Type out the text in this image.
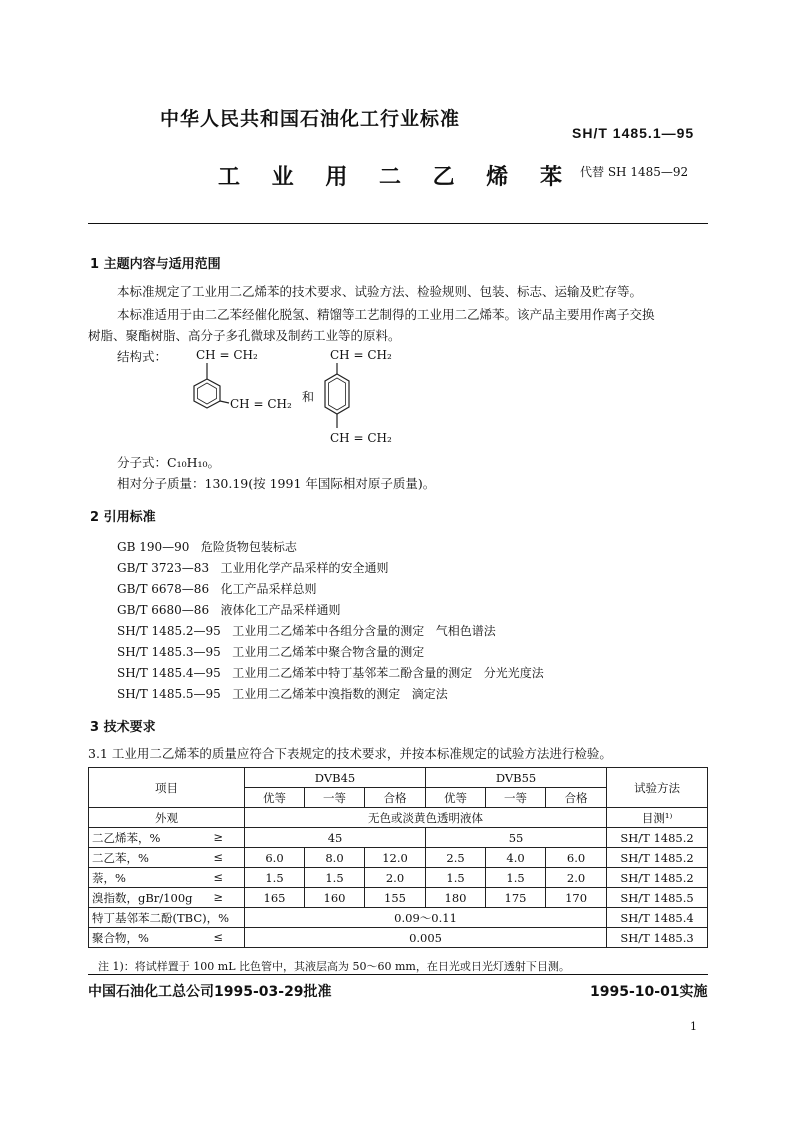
中华人民共和国石油化工行业标准
SH/T 1485.1—95
工 业 用 二 乙 烯 苯 代替 SH 1485—92
1 主题内容与适用范围
本标准规定了工业用二乙烯苯的技术要求、试验方法、检验规则、包装、标志、运输及贮存等。
本标准适用于由二乙苯经催化脱氢、精馏等工艺制得的工业用二乙烯苯。该产品主要用作离子交换
树脂、聚酯树脂、高分子多孔微球及制药工业等的原料。
结构式： CH = CH₂
CH = CH₂ 和
CH = CH₂
CH = CH₂
分子式：C₁₀H₁₀。
相对分子质量：130.19(按 1991 年国际相对原子质量)。
2 引用标准
GB 190—90   危险货物包装标志
GB/T 3723—83   工业用化学产品采样的安全通则
GB/T 6678—86   化工产品采样总则
GB/T 6680—86   液体化工产品采样通则
SH/T 1485.2—95   工业用二乙烯苯中各组分含量的测定   气相色谱法
SH/T 1485.3—95   工业用二乙烯苯中聚合物含量的测定
SH/T 1485.4—95   工业用二乙烯苯中特丁基邻苯二酚含量的测定   分光光度法
SH/T 1485.5—95   工业用二乙烯苯中溴指数的测定   滴定法
3 技术要求
3.1 工业用二乙烯苯的质量应符合下表规定的技术要求，并按本标准规定的试验方法进行检验。
项目	DVB45			DVB55			试验方法
	优等	一等	合格	优等	一等	合格	
外观	无色或淡黄色透明液体						目测¹⁾

二乙烯苯，% ≥	45			55			SH/T 1485.2

二乙苯，% ≤	6.0	8.0	12.0	2.5	4.0	6.0	SH/T 1485.2

萘，% ≤	1.5	1.5	2.0	1.5	1.5	2.0	SH/T 1485.2

溴指数，gBr/100g ≥	165	160	155	180	175	170	SH/T 1485.5
特丁基邻苯二酚(TBC)，%	0.09～0.11						SH/T 1485.4

聚合物，% ≤	0.005						SH/T 1485.3
注 1)：将试样置于 100 mL 比色管中，其液层高为 50～60 mm，在日光或日光灯透射下目测。
中国石油化工总公司1995-03-29批准	1995-10-01实施
1
